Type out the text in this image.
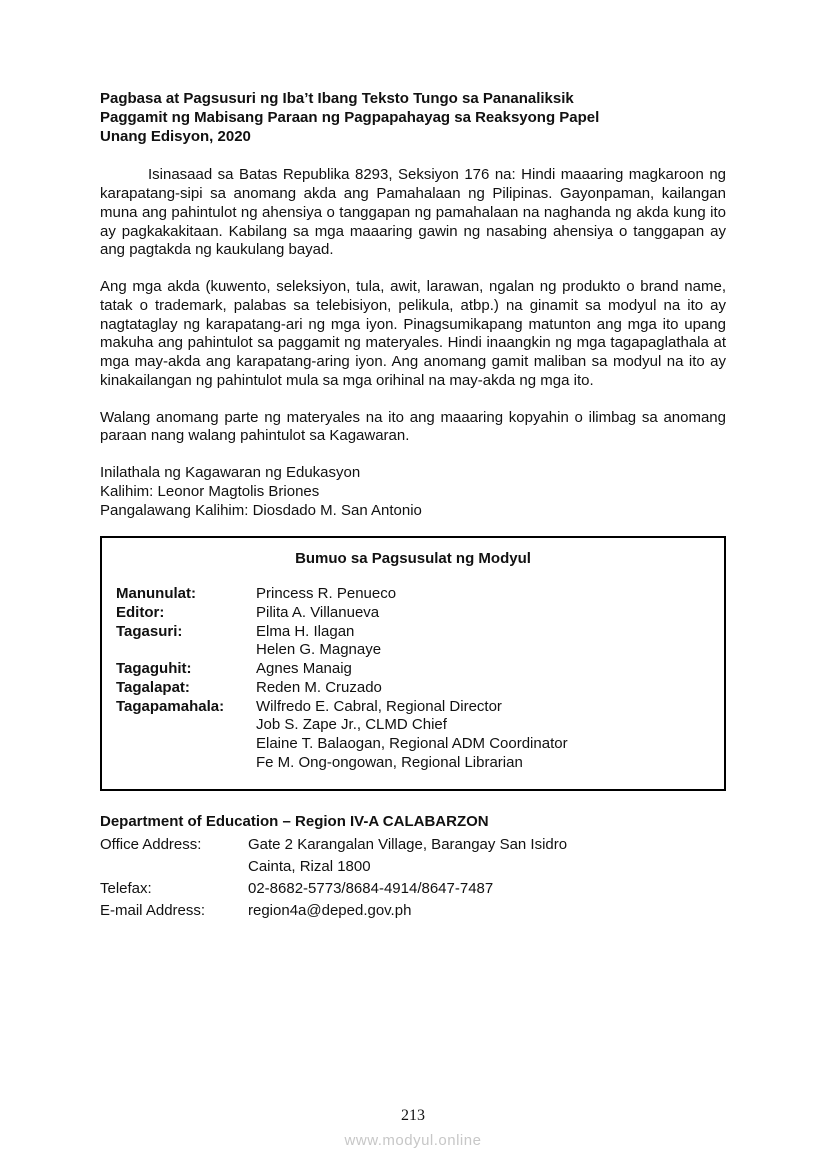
Pagbasa at Pagsusuri ng Iba’t Ibang Teksto Tungo sa Pananaliksik
Paggamit ng Mabisang Paraan ng Pagpapahayag sa Reaksyong Papel
Unang Edisyon, 2020

Isinasaad sa Batas Republika 8293, Seksiyon 176 na: Hindi maaaring magkaroon ng karapatang-sipi sa anomang akda ang Pamahalaan ng Pilipinas. Gayonpaman, kailangan muna ang pahintulot ng ahensiya o tanggapan ng pamahalaan na naghanda ng akda kung ito ay pagkakakitaan. Kabilang sa mga maaaring gawin ng nasabing ahensiya o tanggapan ay ang pagtakda ng kaukulang bayad.

Ang mga akda (kuwento, seleksiyon, tula, awit, larawan, ngalan ng produkto o brand name, tatak o trademark, palabas sa telebisiyon, pelikula, atbp.) na ginamit sa modyul na ito ay nagtataglay ng karapatang-ari ng mga iyon. Pinagsumikapang matunton ang mga ito upang makuha ang pahintulot sa paggamit ng materyales. Hindi inaangkin ng mga tagapaglathala at mga may-akda ang karapatang-aring iyon. Ang anomang gamit maliban sa modyul na ito ay kinakailangan ng pahintulot mula sa mga orihinal na may-akda ng mga ito.

Walang anomang parte ng materyales na ito ang maaaring kopyahin o ilimbag sa anomang paraan nang walang pahintulot sa Kagawaran.

Inilathala ng Kagawaran ng Edukasyon
Kalihim: Leonor Magtolis Briones
Pangalawang Kalihim: Diosdado M. San Antonio
Bumuo sa Pagsusulat ng Modyul
Manunulat:	Princess R. Penueco
Editor:	Pilita A. Villanueva
Tagasuri:	Elma H. Ilagan
Helen G. Magnaye
Tagaguhit:	Agnes Manaig
Tagalapat:	Reden M. Cruzado
Tagapamahala:	Wilfredo E. Cabral, Regional Director
Job S. Zape Jr., CLMD Chief
Elaine T. Balaogan, Regional ADM Coordinator
Fe M. Ong-ongowan, Regional Librarian
Department of Education – Region IV-A CALABARZON
Office Address:	Gate 2 Karangalan Village, Barangay San Isidro
Cainta, Rizal 1800
Telefax:	02-8682-5773/8684-4914/8647-7487
E-mail Address:	region4a@deped.gov.ph
213
www.modyul.online
